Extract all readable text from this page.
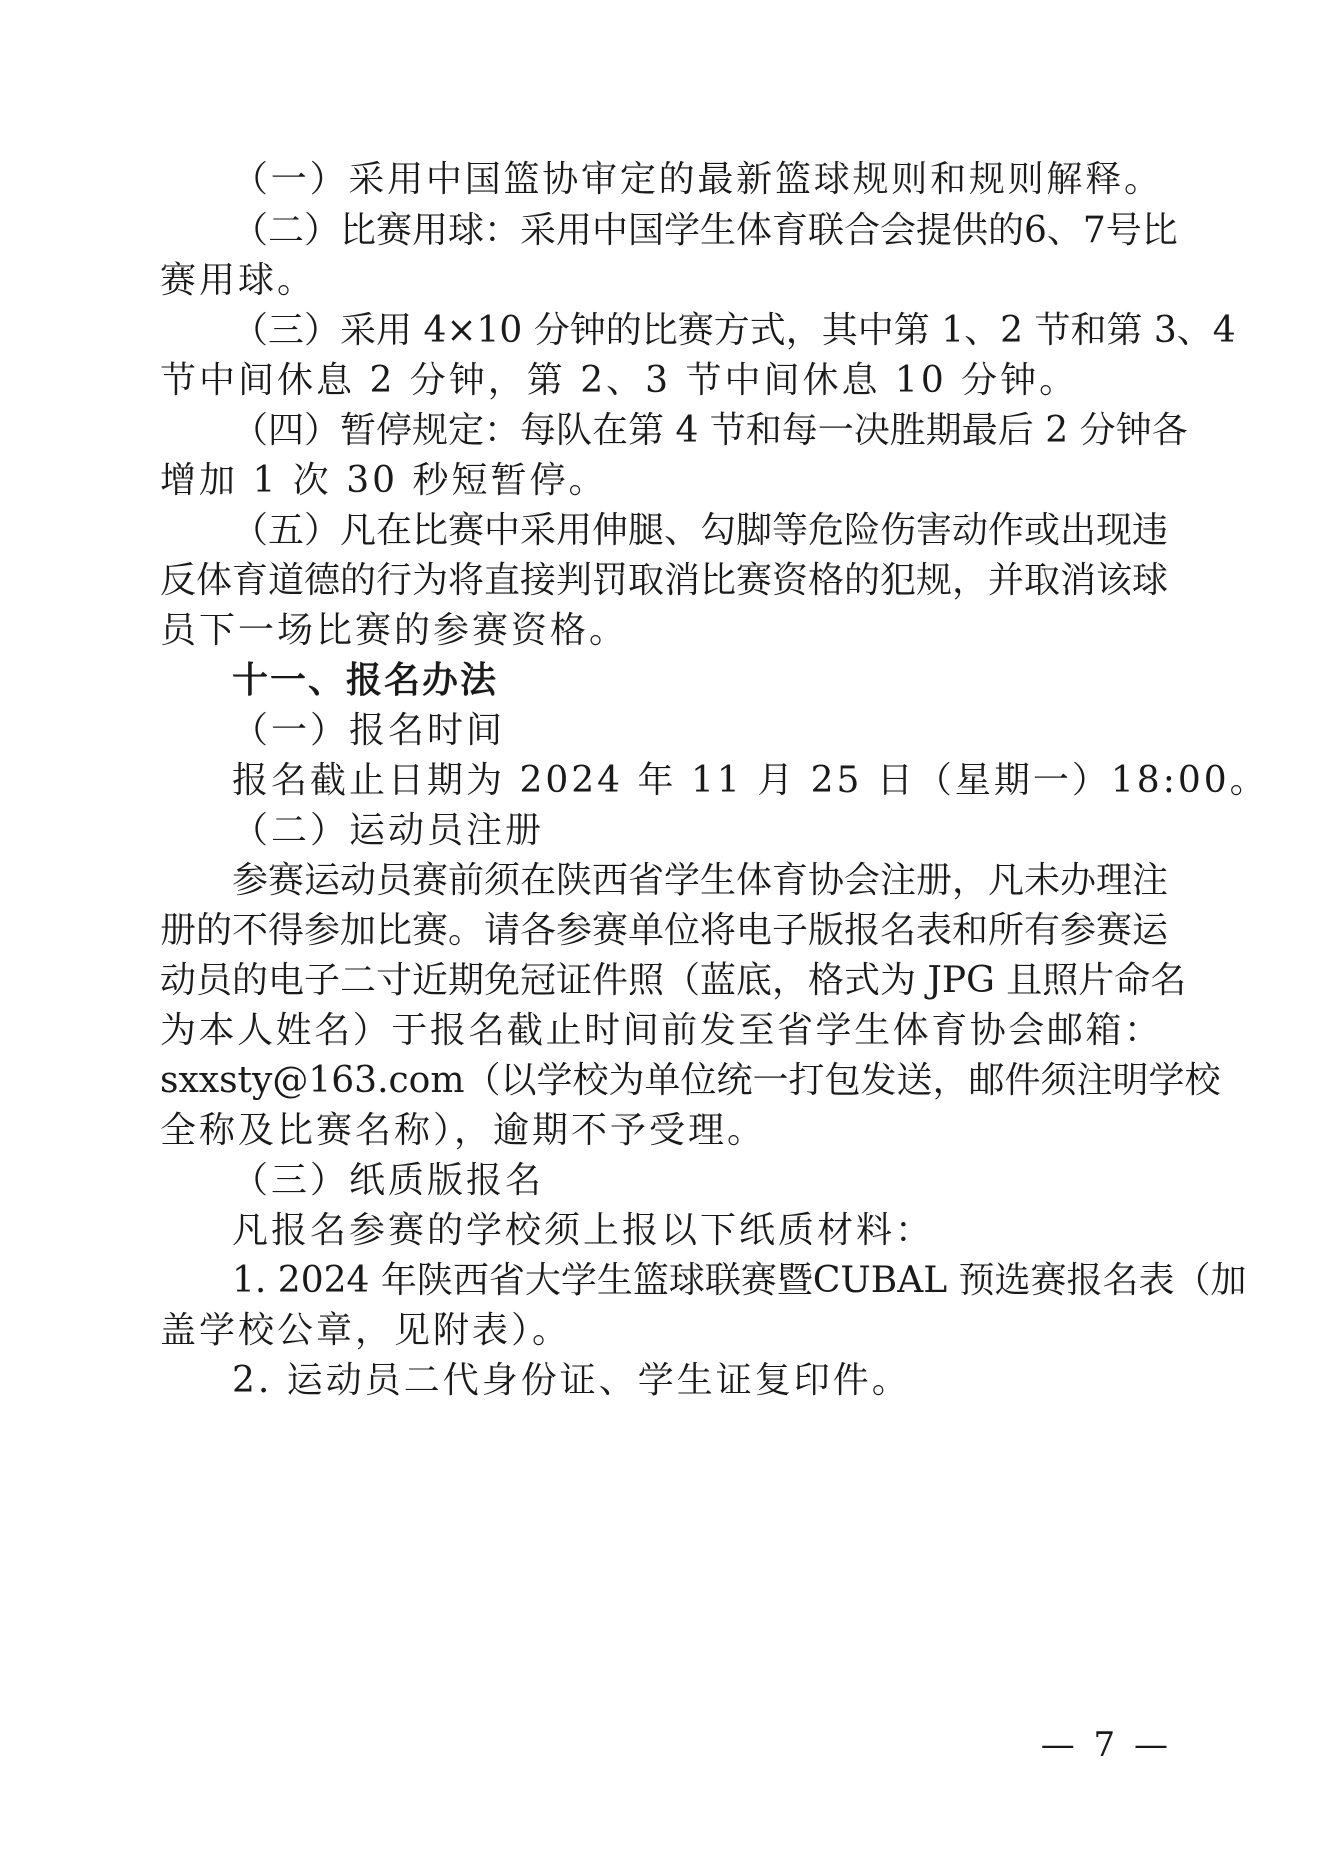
（一）采用中国篮协审定的最新篮球规则和规则解释。
（二）比赛用球：采用中国学生体育联合会提供的6、7号比
赛用球。
（三）采用 4×10 分钟的比赛方式，其中第 1、2 节和第 3、4
节中间休息 2 分钟，第 2、3 节中间休息 10 分钟。
（四）暂停规定：每队在第 4 节和每一决胜期最后 2 分钟各
增加 1 次 30 秒短暂停。
（五）凡在比赛中采用伸腿、勾脚等危险伤害动作或出现违
反体育道德的行为将直接判罚取消比赛资格的犯规，并取消该球
员下一场比赛的参赛资格。
十一、报名办法
（一）报名时间
报名截止日期为 2024 年 11 月 25 日（星期一）18:00。
（二）运动员注册
参赛运动员赛前须在陕西省学生体育协会注册，凡未办理注
册的不得参加比赛。请各参赛单位将电子版报名表和所有参赛运
动员的电子二寸近期免冠证件照（蓝底，格式为 JPG 且照片命名
为本人姓名）于报名截止时间前发至省学生体育协会邮箱：
sxxsty@163.com（以学校为单位统一打包发送，邮件须注明学校
全称及比赛名称），逾期不予受理。
（三）纸质版报名
凡报名参赛的学校须上报以下纸质材料：
1. 2024 年陕西省大学生篮球联赛暨CUBAL 预选赛报名表（加
盖学校公章，见附表）。
2. 运动员二代身份证、学生证复印件。
— 7 —
